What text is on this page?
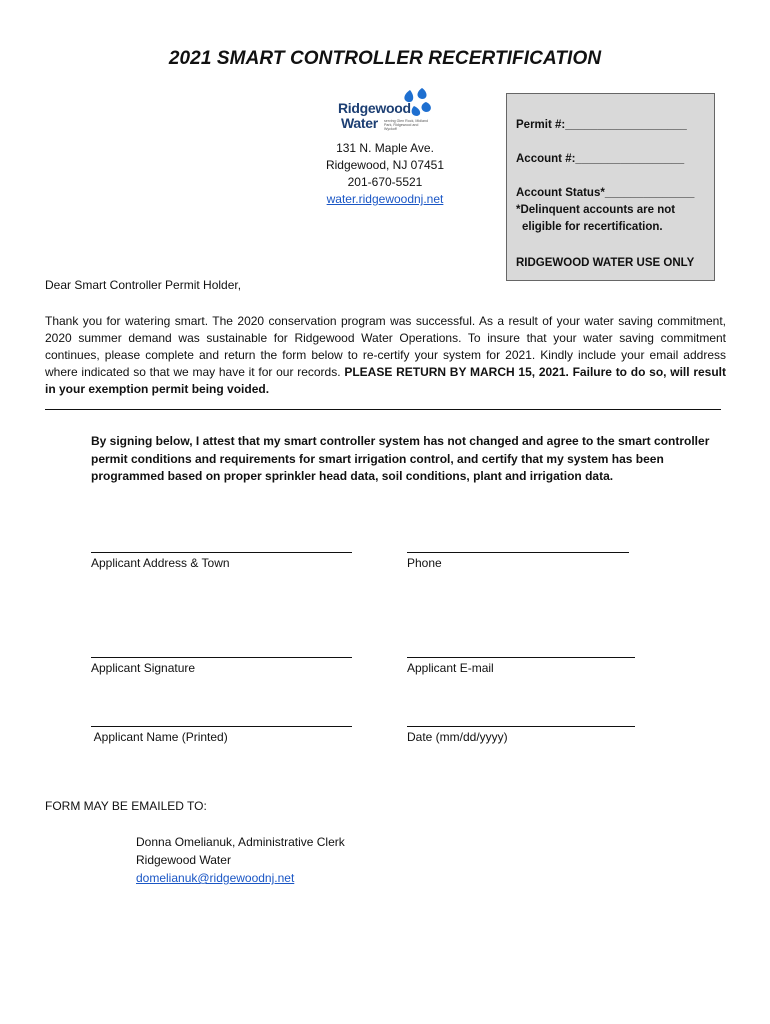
2021 SMART CONTROLLER RECERTIFICATION
Ridgewood
Water serving Glen Rock, Midland Park, Ridgewood and Wyckoff
131 N. Maple Ave.
Ridgewood, NJ 07451
201-670-5521
water.ridgewoodnj.net
Permit #:___________________
Account #:_________________
Account Status*______________
*Delinquent accounts are not
eligible for recertification.
RIDGEWOOD WATER USE ONLY
Dear Smart Controller Permit Holder,
Thank you for watering smart. The 2020 conservation program was successful. As a result of your water saving commitment, 2020 summer demand was sustainable for Ridgewood Water Operations. To insure that your water saving commitment continues, please complete and return the form below to re-certify your system for 2021. Kindly include your email address where indicated so that we may have it for our records. PLEASE RETURN BY MARCH 15, 2021. Failure to do so, will result in your exemption permit being voided.
By signing below, I attest that my smart controller system has not changed and agree to the smart controller permit conditions and requirements for smart irrigation control, and certify that my system has been programmed based on proper sprinkler head data, soil conditions, plant and irrigation data.
Applicant Address & Town	Phone
Applicant Signature	Applicant E-mail
Applicant Name (Printed)	Date (mm/dd/yyyy)
FORM MAY BE EMAILED TO:
Donna Omelianuk, Administrative Clerk
Ridgewood Water
domelianuk@ridgewoodnj.net
